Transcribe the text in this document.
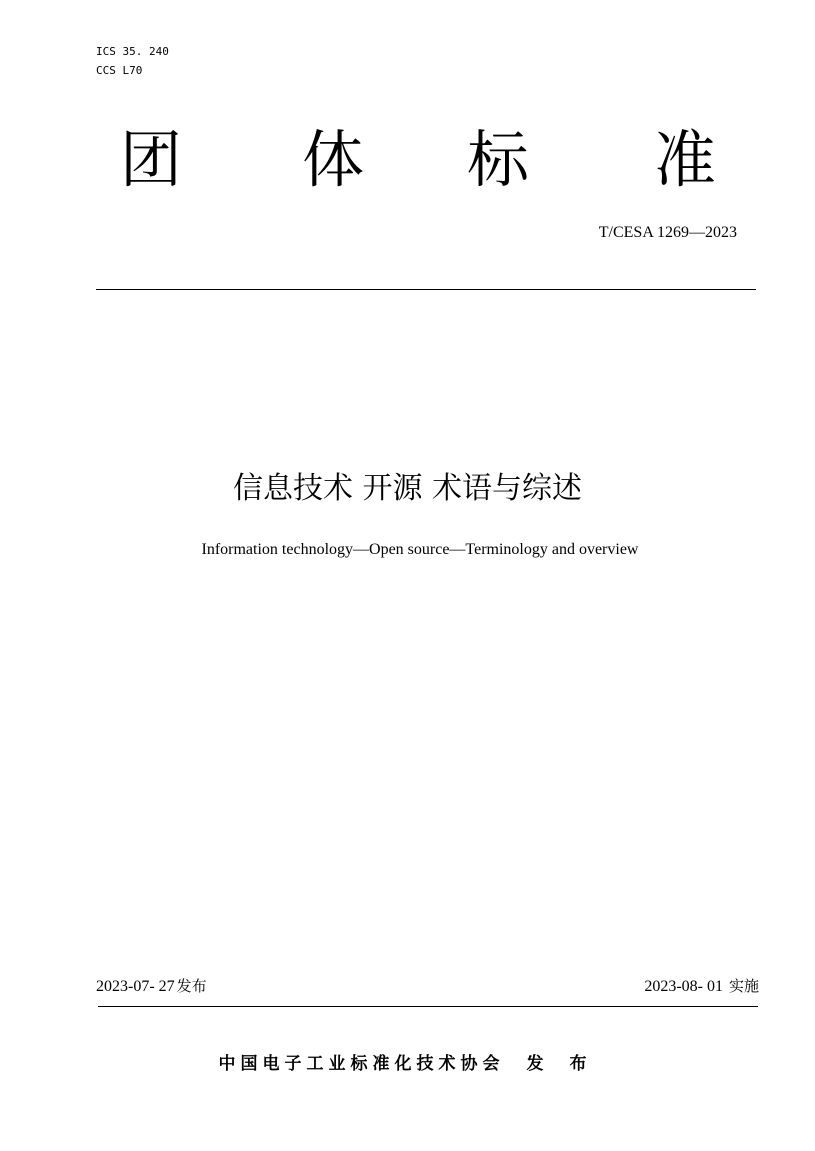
ICS 35. 240
CCS L70
团 体 标 准
T/CESA 1269—2023
信息技术 开源 术语与综述
Information technology—Open source—Terminology and overview
2023-07- 27 发布	2023-08- 01 实施
中国电子工业标准化技术协会 发 布
